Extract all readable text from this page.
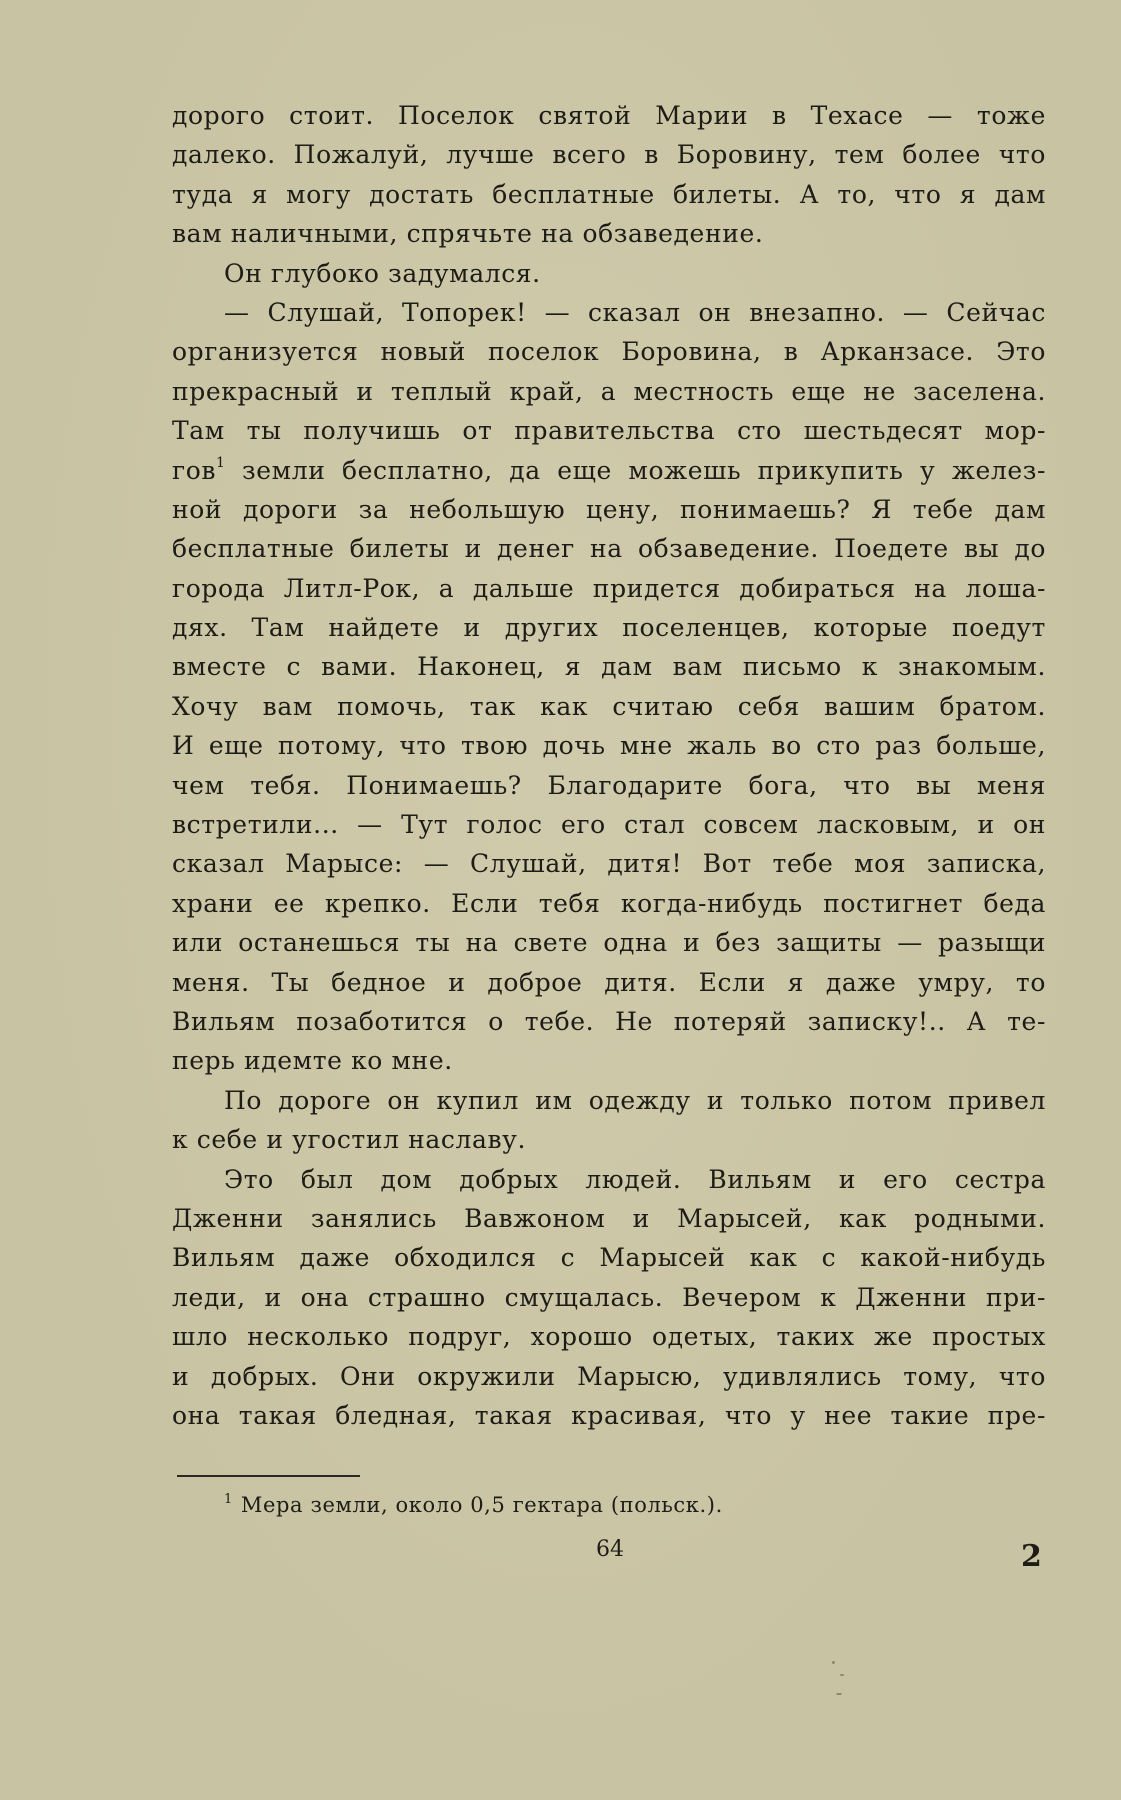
дорого стоит. Поселок святой Марии в Техасе — тоже
далеко. Пожалуй, лучше всего в Боровину, тем более что
туда я могу достать бесплатные билеты. А то, что я дам
вам наличными, спрячьте на обзаведение.
Он глубоко задумался.
— Слушай, Топорек! — сказал он внезапно. — Сейчас
организуется новый поселок Боровина, в Арканзасе. Это
прекрасный и теплый край, а местность еще не заселена.
Там ты получишь от правительства сто шестьдесят мор-
гов$^1$ земли бесплатно, да еще можешь прикупить у желез-
ной дороги за небольшую цену, понимаешь? Я тебе дам
бесплатные билеты и денег на обзаведение. Поедете вы до
города Литл-Рок, а дальше придется добираться на лоша-
дях. Там найдете и других поселенцев, которые поедут
вместе с вами. Наконец, я дам вам письмо к знакомым.
Хочу вам помочь, так как считаю себя вашим братом.
И еще потому, что твою дочь мне жаль во сто раз больше,
чем тебя. Понимаешь? Благодарите бога, что вы меня
встретили... — Тут голос его стал совсем ласковым, и он
сказал Марысе: — Слушай, дитя! Вот тебе моя записка,
храни ее крепко. Если тебя когда-нибудь постигнет беда
или останешься ты на свете одна и без защиты — разыщи
меня. Ты бедное и доброе дитя. Если я даже умру, то
Вильям позаботится о тебе. Не потеряй записку!.. А те-
перь идемте ко мне.
По дороге он купил им одежду и только потом привел
к себе и угостил наславу.
Это был дом добрых людей. Вильям и его сестра
Дженни занялись Вавжоном и Марысей, как родными.
Вильям даже обходился с Марысей как с какой-нибудь
леди, и она страшно смущалась. Вечером к Дженни при-
шло несколько подруг, хорошо одетых, таких же простых
и добрых. Они окружили Марысю, удивлялись тому, что
она такая бледная, такая красивая, что у нее такие пре-
$^1$ Мера земли, около 0,5 гектара (польск.).
64	2
